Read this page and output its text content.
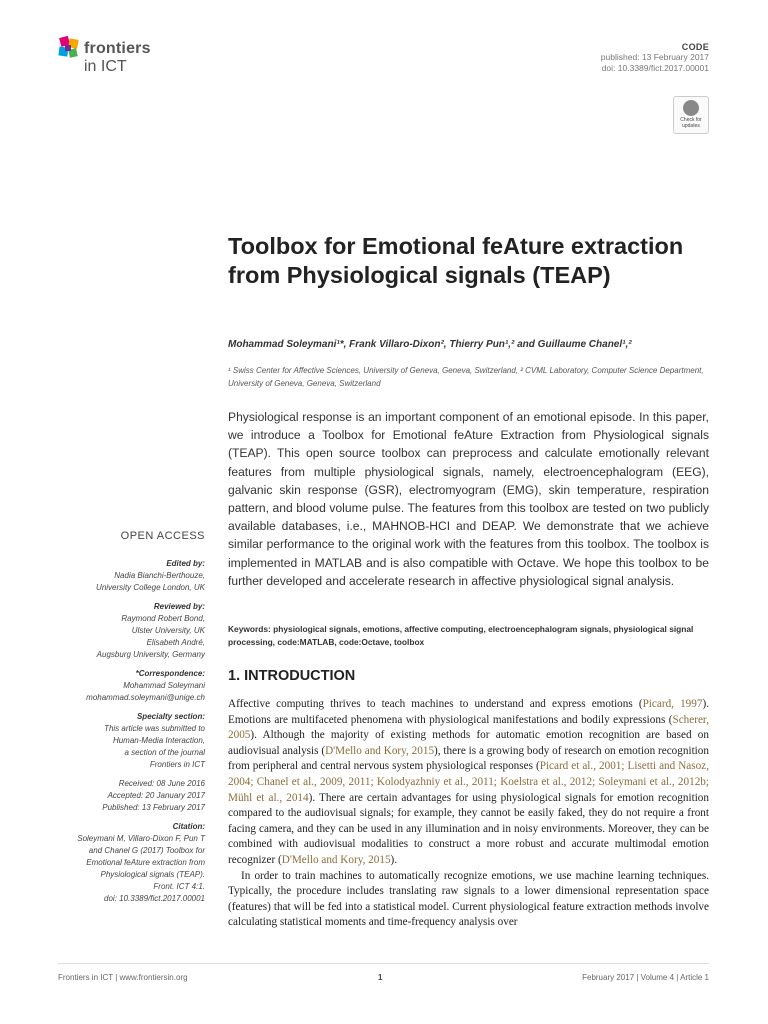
frontiers
in ICT
CODE
published: 13 February 2017
doi: 10.3389/fict.2017.00001
Check for updates
Toolbox for Emotional feAture extraction from Physiological signals (TEAP)
Mohammad Soleymani¹*, Frank Villaro-Dixon², Thierry Pun¹,² and Guillaume Chanel¹,²
¹ Swiss Center for Affective Sciences, University of Geneva, Geneva, Switzerland, ² CVML Laboratory, Computer Science Department, University of Geneva, Geneva, Switzerland
Physiological response is an important component of an emotional episode. In this paper, we introduce a Toolbox for Emotional feAture Extraction from Physiological signals (TEAP). This open source toolbox can preprocess and calculate emotionally relevant features from multiple physiological signals, namely, electroencephalogram (EEG), galvanic skin response (GSR), electromyogram (EMG), skin temperature, respiration pattern, and blood volume pulse. The features from this toolbox are tested on two publicly available databases, i.e., MAHNOB-HCI and DEAP. We demonstrate that we achieve similar performance to the original work with the features from this toolbox. The toolbox is implemented in MATLAB and is also compatible with Octave. We hope this toolbox to be further developed and accelerate research in affective physiological signal analysis.
Keywords: physiological signals, emotions, affective computing, electroencephalogram signals, physiological signal processing, code:MATLAB, code:Octave, toolbox
1. INTRODUCTION

Affective computing thrives to teach machines to understand and express emotions (Picard, 1997). Emotions are multifaceted phenomena with physiological manifestations and bodily expressions (Scherer, 2005). Although the majority of existing methods for automatic emotion recognition are based on audiovisual analysis (D'Mello and Kory, 2015), there is a growing body of research on emotion recognition from peripheral and central nervous system physiological responses (Picard et al., 2001; Lisetti and Nasoz, 2004; Chanel et al., 2009, 2011; Kolodyazhniy et al., 2011; Koelstra et al., 2012; Soleymani et al., 2012b; Mühl et al., 2014). There are certain advantages for using physiological signals for emotion recognition compared to the audiovisual signals; for example, they cannot be easily faked, they do not require a front facing camera, and they can be used in any illumination and in noisy environments. Moreover, they can be combined with audiovisual modalities to construct a more robust and accurate multimodal emotion recognizer (D'Mello and Kory, 2015).

In order to train machines to automatically recognize emotions, we use machine learning techniques. Typically, the procedure includes translating raw signals to a lower dimensional representation space (features) that will be fed into a statistical model. Current physiological feature extraction methods involve calculating statistical moments and time-frequency analysis over

OPEN ACCESS
Edited by:
Nadia Bianchi-Berthouze,
University College London, UK
Reviewed by:
Raymond Robert Bond,
Ulster University, UK
Elisabeth André,
Augsburg University, Germany
*Correspondence:
Mohammad Soleymani
mohammad.soleymani@unige.ch
Specialty section:
This article was submitted to
Human-Media Interaction,
a section of the journal
Frontiers in ICT
Received: 08 June 2016
Accepted: 20 January 2017
Published: 13 February 2017
Citation:
Soleymani M, Villaro-Dixon F, Pun T
and Chanel G (2017) Toolbox for
Emotional feAture extraction from
Physiological signals (TEAP).
Front. ICT 4:1.
doi: 10.3389/fict.2017.00001
Frontiers in ICT | www.frontiersin.org	1	February 2017 | Volume 4 | Article 1
